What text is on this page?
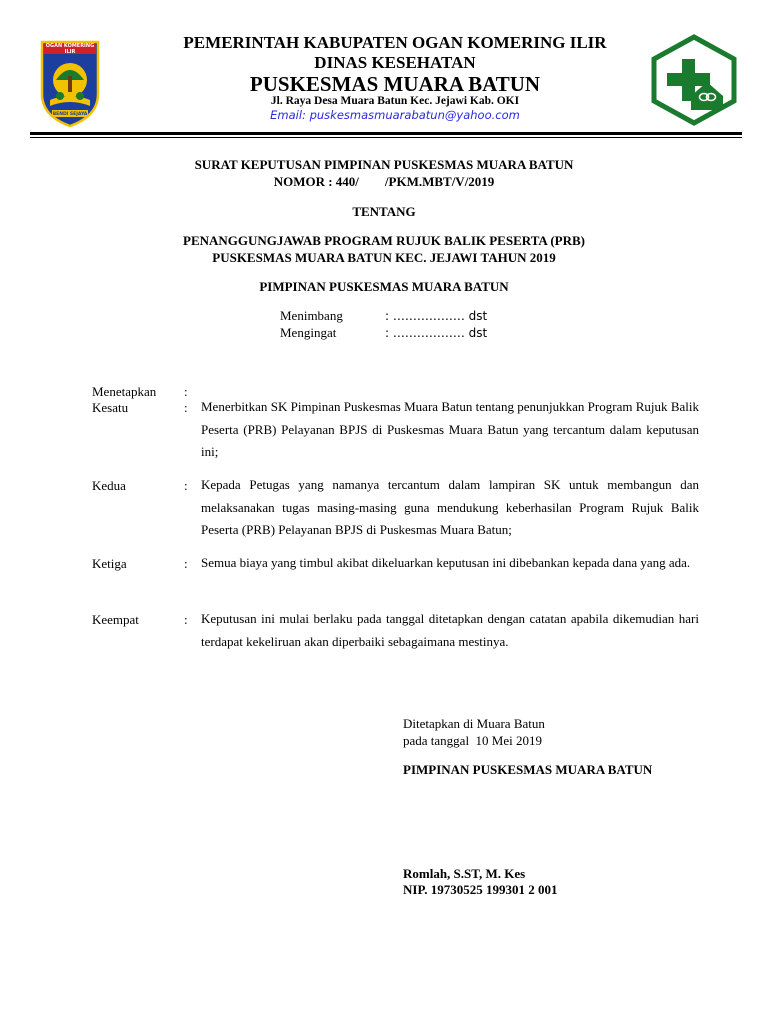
OGAN KOMERING ILIR
BENDI SEJAYA
PEMERINTAH KABUPATEN OGAN KOMERING ILIR
DINAS KESEHATAN
PUSKESMAS MUARA BATUN
Jl. Raya Desa Muara Batun Kec. Jejawi Kab. OKI
Email: puskesmasmuarabatun@yahoo.com
SURAT KEPUTUSAN PIMPINAN PUSKESMAS MUARA BATUN
NOMOR : 440/        /PKM.MBT/V/2019
TENTANG
PENANGGUNGJAWAB PROGRAM RUJUK BALIK PESERTA (PRB)
PUSKESMAS MUARA BATUN KEC. JEJAWI TAHUN 2019
PIMPINAN PUSKESMAS MUARA BATUN
Menimbang	: ……………… dst
Mengingat	: ……………… dst
Menetapkan :
Kesatu	: Menerbitkan SK Pimpinan Puskesmas Muara Batun tentang penunjukkan Program Rujuk Balik Peserta (PRB) Pelayanan BPJS di Puskesmas Muara Batun yang tercantum dalam keputusan ini;
Kedua	: Kepada Petugas yang namanya tercantum dalam lampiran SK untuk membangun dan melaksanakan tugas masing-masing guna mendukung keberhasilan Program Rujuk Balik Peserta (PRB) Pelayanan BPJS di Puskesmas Muara Batun;
Ketiga	: Semua biaya yang timbul akibat dikeluarkan keputusan ini dibebankan kepada dana yang ada.
Keempat	: Keputusan ini mulai berlaku pada tanggal ditetapkan dengan catatan apabila dikemudian hari terdapat kekeliruan akan diperbaiki sebagaimana mestinya.
Ditetapkan di Muara Batun
pada tanggal  10 Mei 2019
PIMPINAN PUSKESMAS MUARA BATUN
Romlah, S.ST, M. Kes
NIP. 19730525 199301 2 001
